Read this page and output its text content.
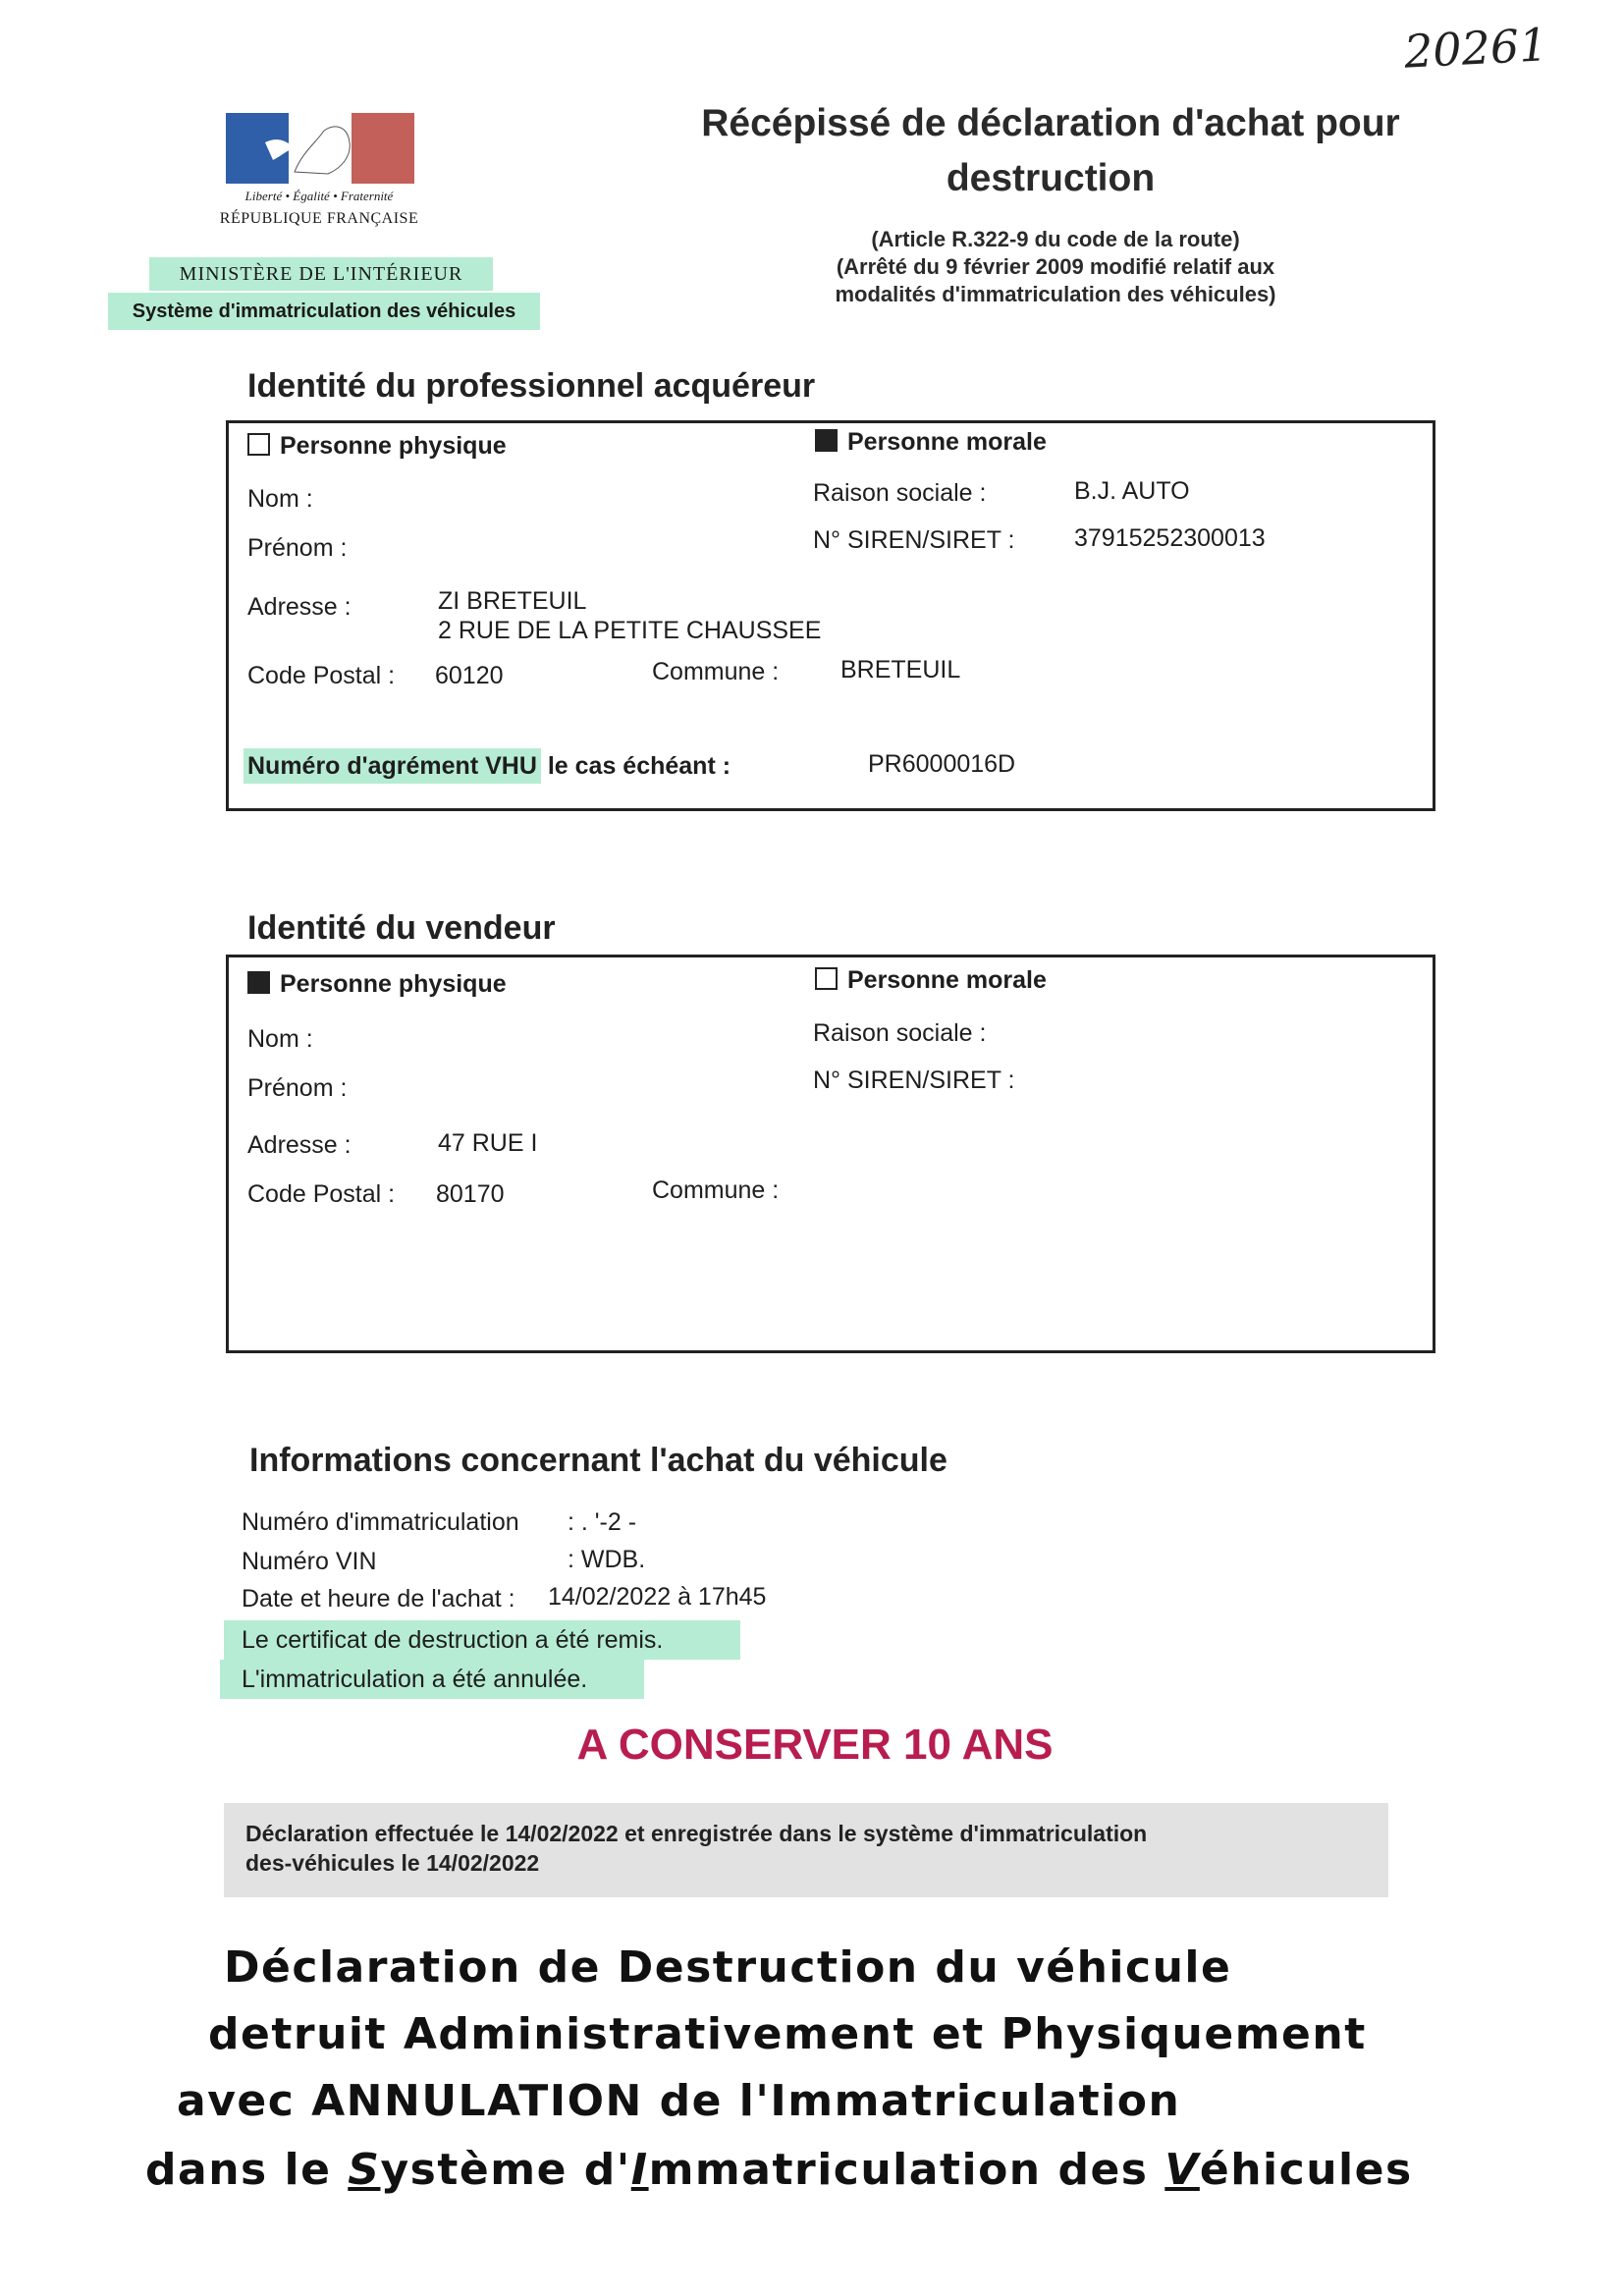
20261
Liberté • Égalité • Fraternité
RÉPUBLIQUE FRANÇAISE
MINISTÈRE DE L'INTÉRIEUR
Système d'immatriculation des véhicules
Récépissé de déclaration d'achat pour
destruction
(Article R.322-9 du code de la route)
(Arrêté du 9 février 2009 modifié relatif aux
modalités d'immatriculation des véhicules)
Identité du professionnel acquéreur
Personne physique	Personne morale
Nom :
Prénom :
Adresse :	ZI BRETEUIL
2 RUE DE LA PETITE CHAUSSEE
Code Postal : 60120	Commune :	BRETEUIL
Raison sociale :	B.J. AUTO
N° SIREN/SIRET : 37915252300013
Numéro d'agrément VHU le cas échéant :	PR6000016D
Identité du vendeur
Personne physique	Personne morale
Nom :
Prénom :
Adresse :	47 RUE I
Code Postal : 80170	Commune :
Raison sociale :
N° SIREN/SIRET :
Informations concernant l'achat du véhicule
Numéro d'immatriculation : . '-2 -
Numéro VIN	: WDB.
Date et heure de l'achat : 14/02/2022 à 17h45
Le certificat de destruction a été remis.
L'immatriculation a été annulée.
A CONSERVER 10 ANS
Déclaration effectuée le 14/02/2022 et enregistrée dans le système d'immatriculation
des-véhicules le 14/02/2022
Déclaration de Destruction du véhicule
detruit Administrativement et Physiquement
avec ANNULATION de l'Immatriculation
dans le Système d'Immatriculation des Véhicules
